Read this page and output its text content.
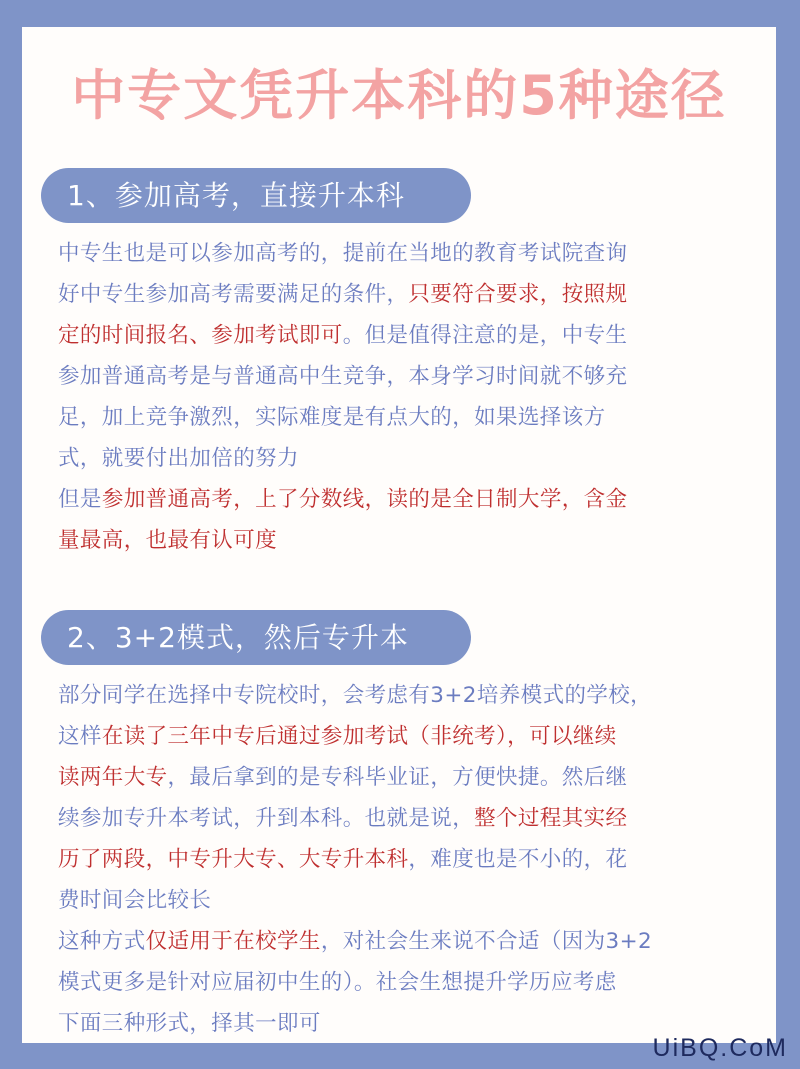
中专文凭升本科的5种途径
1、参加高考，直接升本科
中专生也是可以参加高考的，提前在当地的教育考试院查询
好中专生参加高考需要满足的条件，只要符合要求，按照规
定的时间报名、参加考试即可。但是值得注意的是，中专生
参加普通高考是与普通高中生竞争，本身学习时间就不够充
足，加上竞争激烈，实际难度是有点大的，如果选择该方
式，就要付出加倍的努力
但是参加普通高考，上了分数线，读的是全日制大学，含金
量最高，也最有认可度
2、3+2模式，然后专升本
部分同学在选择中专院校时，会考虑有3+2培养模式的学校，
这样在读了三年中专后通过参加考试（非统考），可以继续
读两年大专，最后拿到的是专科毕业证，方便快捷。然后继
续参加专升本考试，升到本科。也就是说，整个过程其实经
历了两段，中专升大专、大专升本科，难度也是不小的，花
费时间会比较长
这种方式仅适用于在校学生，对社会生来说不合适（因为3+2
模式更多是针对应届初中生的）。社会生想提升学历应考虑
下面三种形式，择其一即可
UiBQ.CoM
